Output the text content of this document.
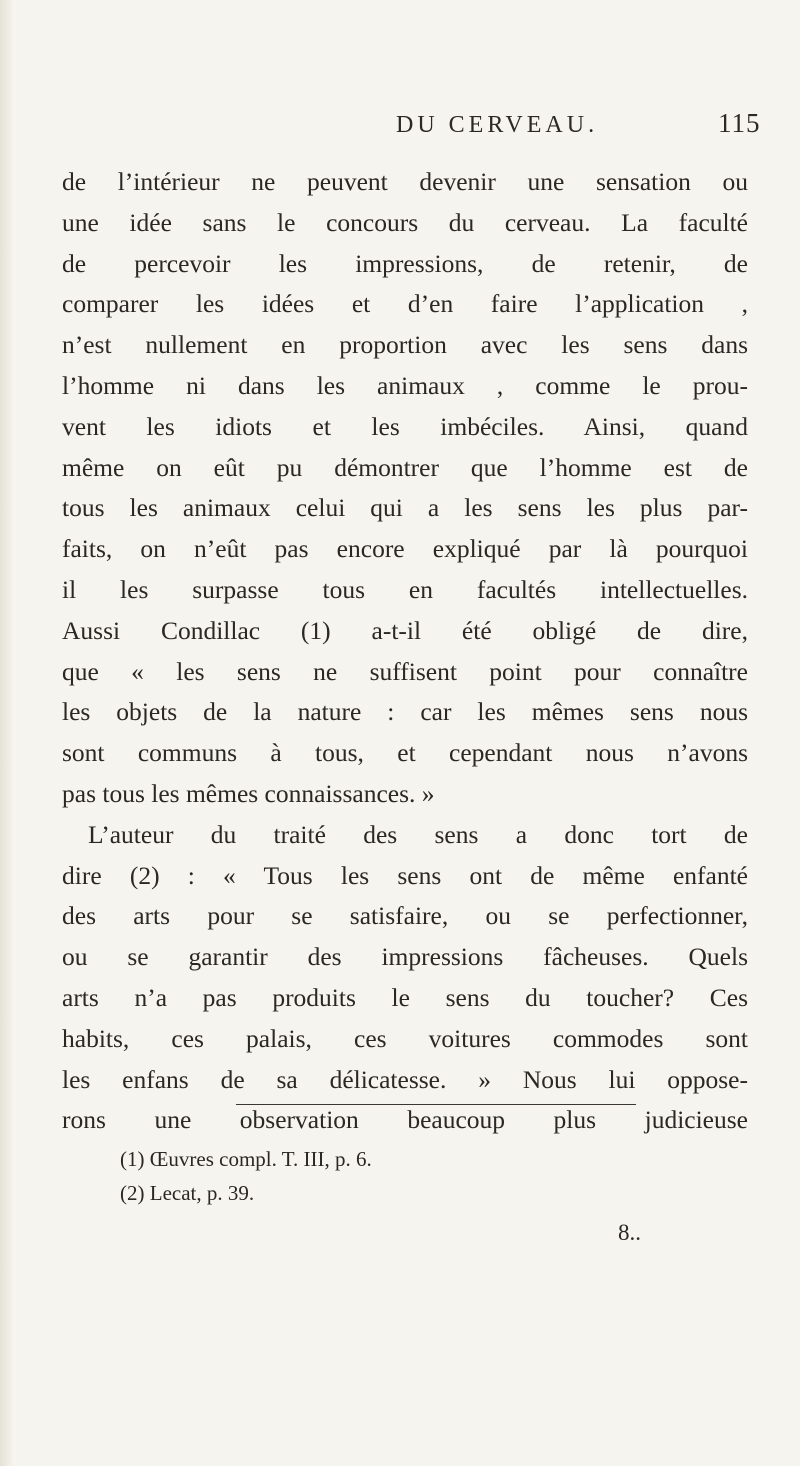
DU CERVEAU.	115
de l’intérieur ne peuvent devenir une sensation ou
une idée sans le concours du cerveau. La faculté
de percevoir les impressions, de retenir, de
comparer les idées et d’en faire l’application ,
n’est nullement en proportion avec les sens dans
l’homme ni dans les animaux , comme le prou-
vent les idiots et les imbéciles. Ainsi, quand
même on eût pu démontrer que l’homme est de
tous les animaux celui qui a les sens les plus par-
faits, on n’eût pas encore expliqué par là pourquoi
il les surpasse tous en facultés intellectuelles.
Aussi Condillac (1) a-t-il été obligé de dire,
que « les sens ne suffisent point pour connaître
les objets de la nature : car les mêmes sens nous
sont communs à tous, et cependant nous n’avons
pas tous les mêmes connaissances. »
L’auteur du traité des sens a donc tort de
dire (2) : « Tous les sens ont de même enfanté
des arts pour se satisfaire, ou se perfectionner,
ou se garantir des impressions fâcheuses. Quels
arts n’a pas produits le sens du toucher? Ces
habits, ces palais, ces voitures commodes sont
les enfans de sa délicatesse. » Nous lui oppose-
rons une observation beaucoup plus judicieuse
(1) Œuvres compl. T. III, p. 6.
(2) Lecat, p. 39.
8..
